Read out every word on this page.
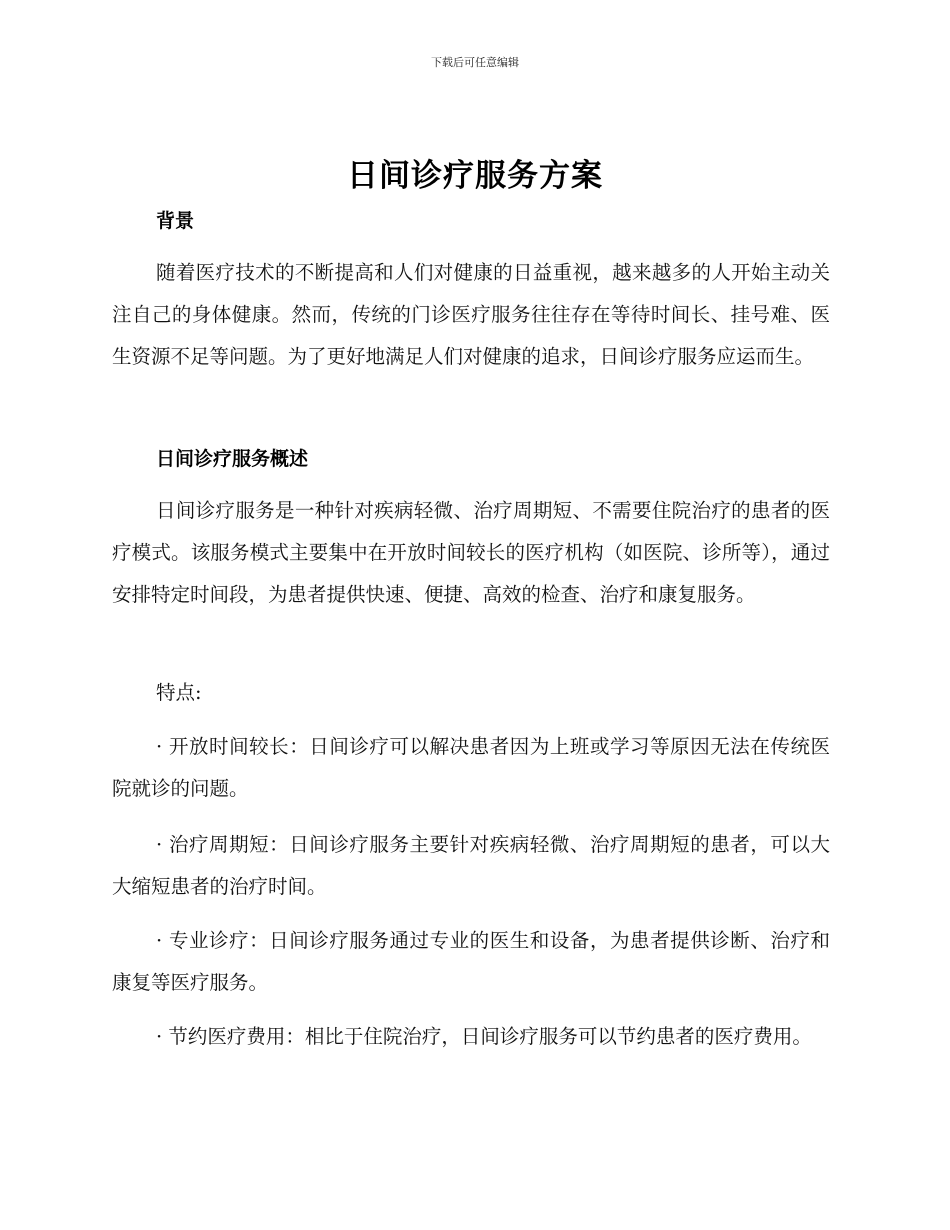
下载后可任意编辑
日间诊疗服务方案
背景
随着医疗技术的不断提高和人们对健康的日益重视，越来越多的人开始主动关注自己的身体健康。然而，传统的门诊医疗服务往往存在等待时间长、挂号难、医生资源不足等问题。为了更好地满足人们对健康的追求，日间诊疗服务应运而生。
日间诊疗服务概述
日间诊疗服务是一种针对疾病轻微、治疗周期短、不需要住院治疗的患者的医疗模式。该服务模式主要集中在开放时间较长的医疗机构（如医院、诊所等），通过安排特定时间段，为患者提供快速、便捷、高效的检查、治疗和康复服务。
特点:
· 开放时间较长：日间诊疗可以解决患者因为上班或学习等原因无法在传统医院就诊的问题。
· 治疗周期短：日间诊疗服务主要针对疾病轻微、治疗周期短的患者，可以大大缩短患者的治疗时间。
· 专业诊疗：日间诊疗服务通过专业的医生和设备，为患者提供诊断、治疗和康复等医疗服务。
· 节约医疗费用：相比于住院治疗，日间诊疗服务可以节约患者的医疗费用。
